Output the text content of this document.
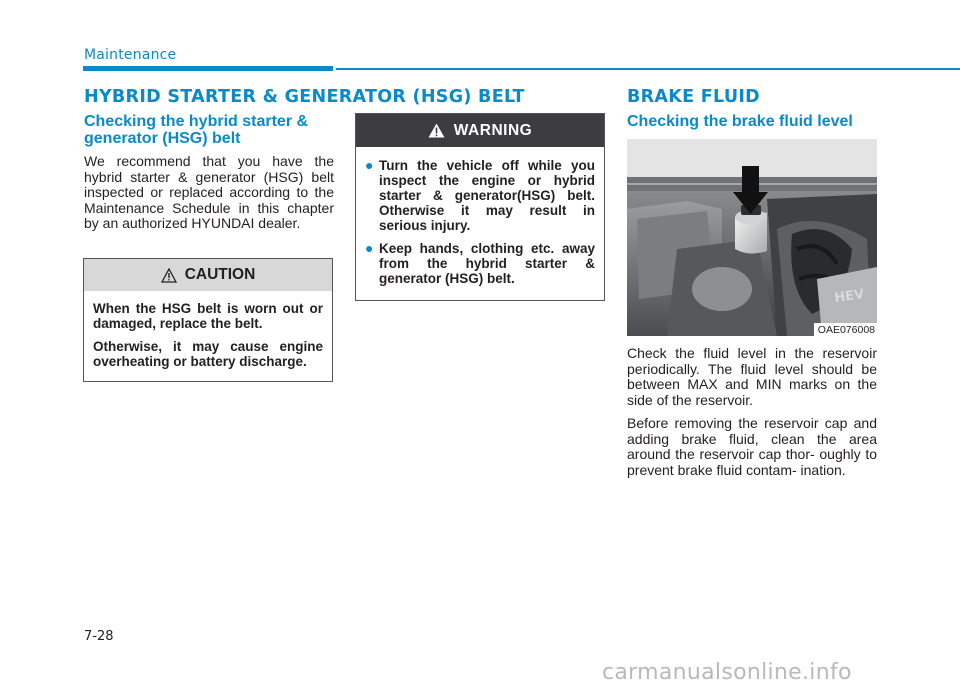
Maintenance
HYBRID STARTER & GENERATOR (HSG) BELT
Checking the hybrid starter & generator (HSG) belt

We recommend that you have the hybrid starter & generator (HSG) belt inspected or replaced according to the Maintenance Schedule in this chapter by an authorized HYUNDAI dealer.

CAUTION

When the HSG belt is worn out or damaged, replace the belt.

Otherwise, it may cause engine overheating or battery discharge.

WARNING
● Turn the vehicle off while you inspect the engine or hybrid starter & generator(HSG) belt. Otherwise it may result in serious injury.
● Keep hands, clothing etc. away from the hybrid starter & generator (HSG) belt.
BRAKE FLUID
Checking the brake fluid level
HEV
OAE076008

Check the fluid level in the reservoir periodically. The fluid level should be between MAX and MIN marks on the side of the reservoir.

Before removing the reservoir cap and adding brake fluid, clean the area around the reservoir cap thor- oughly to prevent brake fluid contam- ination.

7-28
carmanualsonline.info
